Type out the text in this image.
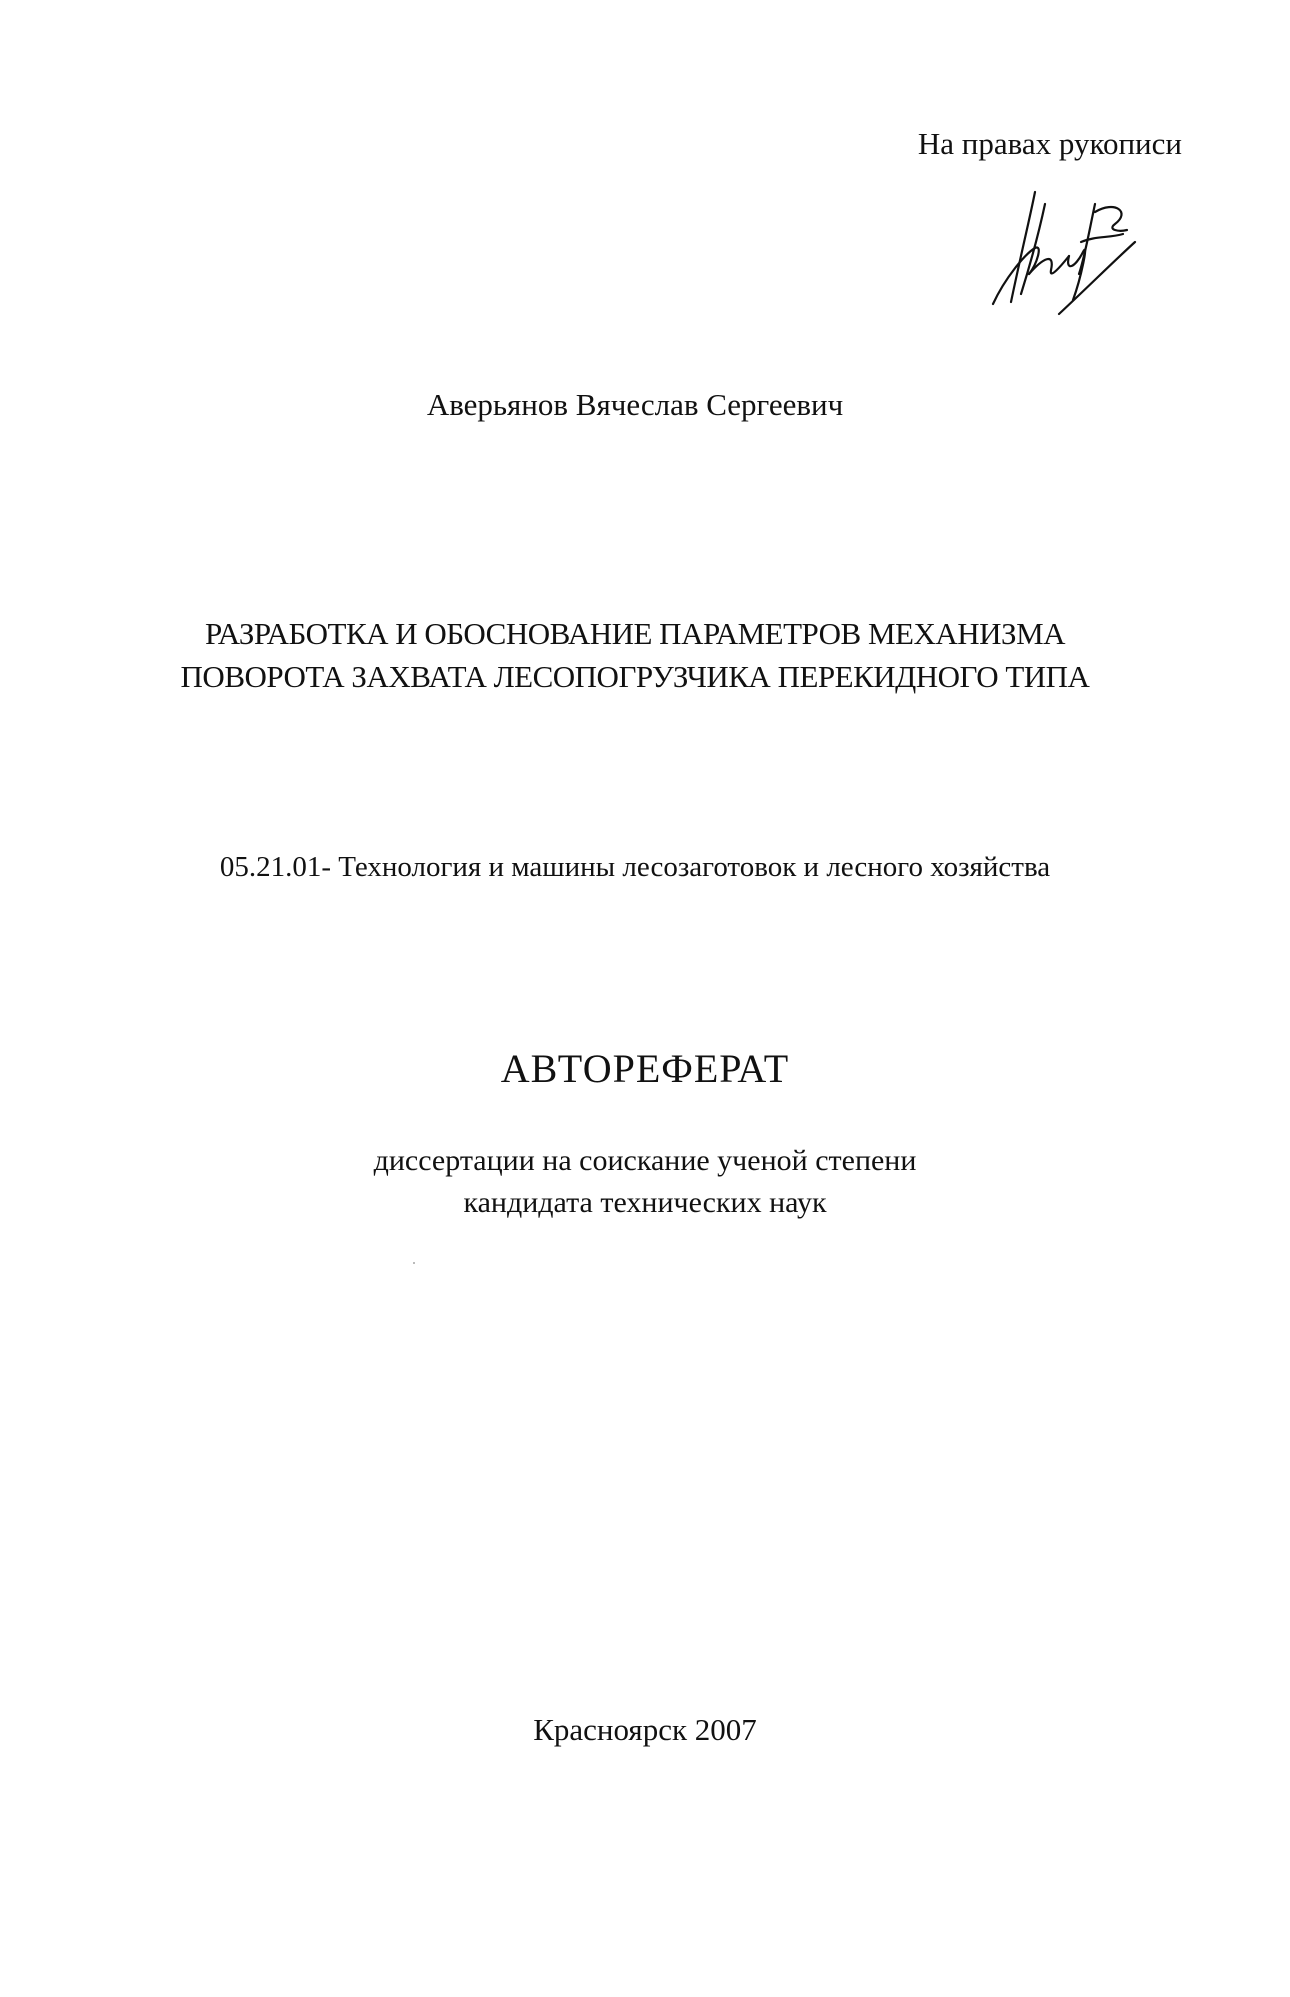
На правах рукописи
Аверьянов Вячеслав Сергеевич
РАЗРАБОТКА И ОБОСНОВАНИЕ ПАРАМЕТРОВ МЕХАНИЗМА
ПОВОРОТА ЗАХВАТА ЛЕСОПОГРУЗЧИКА ПЕРЕКИДНОГО ТИПА
05.21.01- Технология и машины лесозаготовок и лесного хозяйства
АВТОРЕФЕРАТ
диссертации на соискание ученой степени
кандидата технических наук
Красноярск 2007
